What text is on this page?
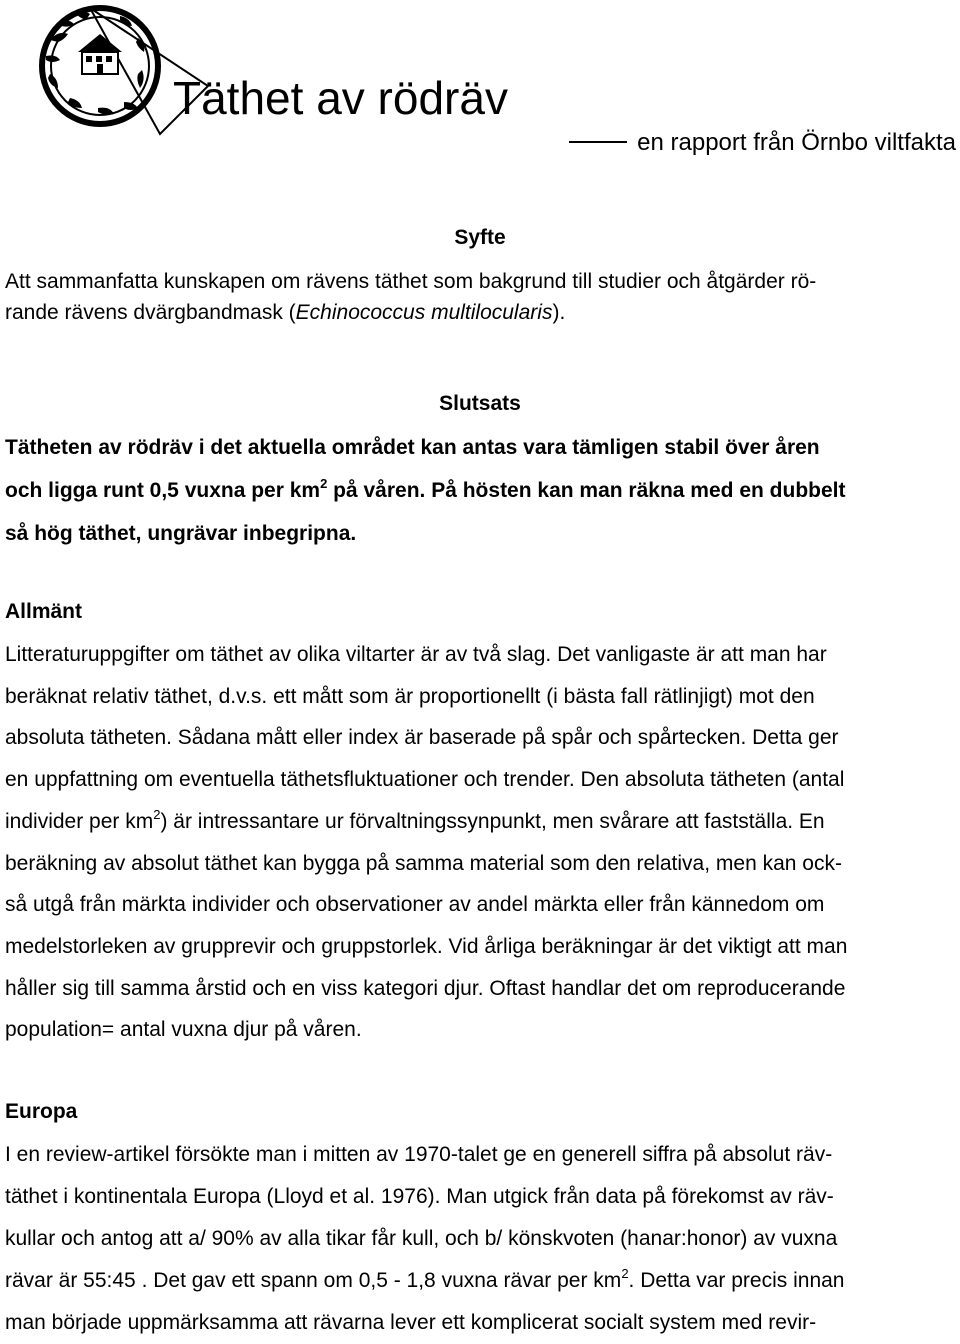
Täthet av rödräv

en rapport från Örnbo viltfakta

Syfte
Att sammanfatta kunskapen om rävens täthet som bakgrund till studier och åtgärder rö-
rande rävens dvärgbandmask (Echinococcus multilocularis).
Slutsats
Tätheten av rödräv i det aktuella området kan antas vara tämligen stabil över åren
och ligga runt 0,5 vuxna per $km^2$ på våren. På hösten kan man räkna med en dubbelt
så hög täthet, ungrävar inbegripna.
Allmänt
Litteraturuppgifter om täthet av olika viltarter är av två slag. Det vanligaste är att man har
beräknat relativ täthet, d.v.s. ett mått som är proportionellt (i bästa fall rätlinjigt) mot den
absoluta tätheten. Sådana mått eller index är baserade på spår och spårtecken. Detta ger
en uppfattning om eventuella täthetsfluktuationer och trender. Den absoluta tätheten (antal
individer per $km^2$) är intressantare ur förvaltningssynpunkt, men svårare att fastställa. En
beräkning av absolut täthet kan bygga på samma material som den relativa, men kan ock-
så utgå från märkta individer och observationer av andel märkta eller från kännedom om
medelstorleken av grupprevir och gruppstorlek. Vid årliga beräkningar är det viktigt att man
håller sig till samma årstid och en viss kategori djur. Oftast handlar det om reproducerande
population= antal vuxna djur på våren.
Europa
I en review-artikel försökte man i mitten av 1970-talet ge en generell siffra på absolut räv-
täthet i kontinentala Europa (Lloyd et al. 1976). Man utgick från data på förekomst av räv-
kullar och antog att a/ 90% av alla tikar får kull, och b/ könskvoten (hanar:honor) av vuxna
rävar är 55:45 . Det gav ett spann om 0,5 - 1,8 vuxna rävar per $km^2$. Detta var precis innan
man började uppmärksamma att rävarna lever ett komplicerat socialt system med revir-
